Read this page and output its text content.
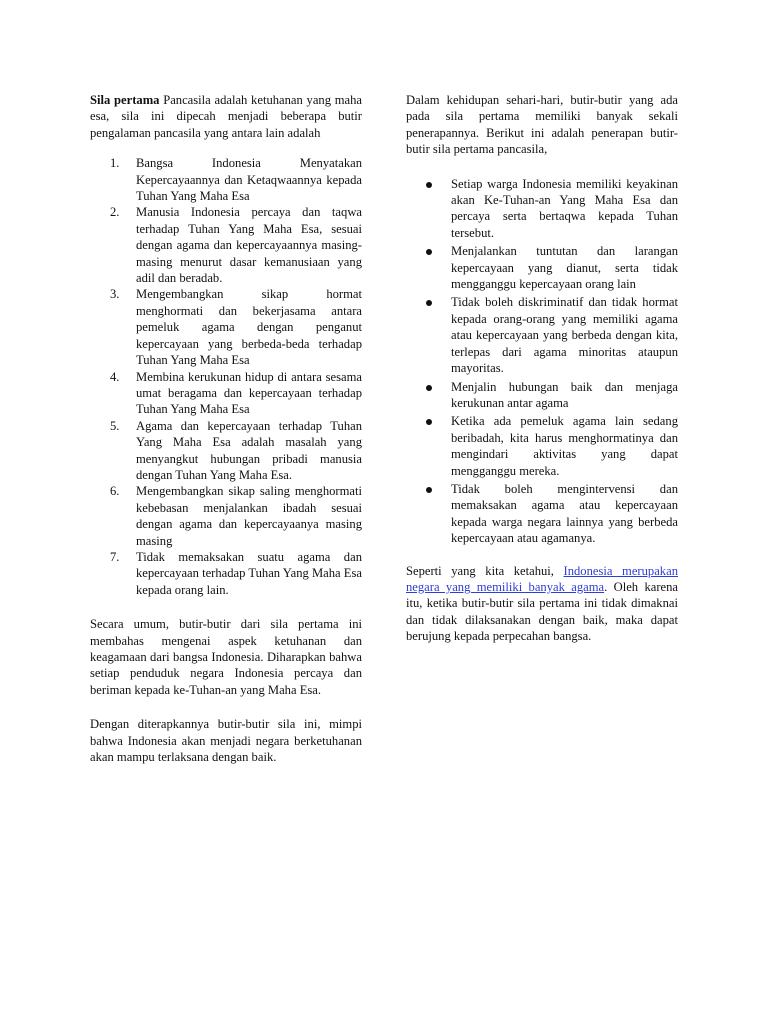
Sila pertama Pancasila adalah ketuhanan yang maha esa, sila ini dipecah menjadi beberapa butir pengalaman pancasila yang antara lain adalah

1. Bangsa Indonesia Menyatakan Kepercayaannya dan Ketaqwaannya kepada Tuhan Yang Maha Esa
2. Manusia Indonesia percaya dan taqwa terhadap Tuhan Yang Maha Esa, sesuai dengan agama dan kepercayaannya masing-masing menurut dasar kemanusiaan yang adil dan beradab.
3. Mengembangkan sikap hormat menghormati dan bekerjasama antara pemeluk agama dengan penganut kepercayaan yang berbeda-beda terhadap Tuhan Yang Maha Esa
4. Membina kerukunan hidup di antara sesama umat beragama dan kepercayaan terhadap Tuhan Yang Maha Esa
5. Agama dan kepercayaan terhadap Tuhan Yang Maha Esa adalah masalah yang menyangkut hubungan pribadi manusia dengan Tuhan Yang Maha Esa.
6. Mengembangkan sikap saling menghormati kebebasan menjalankan ibadah sesuai dengan agama dan kepercayaanya masing masing
7. Tidak memaksakan suatu agama dan kepercayaan terhadap Tuhan Yang Maha Esa kepada orang lain.

Secara umum, butir-butir dari sila pertama ini membahas mengenai aspek ketuhanan dan keagamaan dari bangsa Indonesia. Diharapkan bahwa setiap penduduk negara Indonesia percaya dan beriman kepada ke-Tuhan-an yang Maha Esa.

Dengan diterapkannya butir-butir sila ini, mimpi bahwa Indonesia akan menjadi negara berketuhanan akan mampu terlaksana dengan baik.

Dalam kehidupan sehari-hari, butir-butir yang ada pada sila pertama memiliki banyak sekali penerapannya. Berikut ini adalah penerapan butir-butir sila pertama pancasila,

Setiap warga Indonesia memiliki keyakinan akan Ke-Tuhan-an Yang Maha Esa dan percaya serta bertaqwa kepada Tuhan tersebut.
Menjalankan tuntutan dan larangan kepercayaan yang dianut, serta tidak mengganggu kepercayaan orang lain
Tidak boleh diskriminatif dan tidak hormat kepada orang-orang yang memiliki agama atau kepercayaan yang berbeda dengan kita, terlepas dari agama minoritas ataupun mayoritas.
Menjalin hubungan baik dan menjaga kerukunan antar agama
Ketika ada pemeluk agama lain sedang beribadah, kita harus menghormatinya dan mengindari aktivitas yang dapat mengganggu mereka.
Tidak boleh mengintervensi dan memaksakan agama atau kepercayaan kepada warga negara lainnya yang berbeda kepercayaan atau agamanya.

Seperti yang kita ketahui, Indonesia merupakan negara yang memiliki banyak agama. Oleh karena itu, ketika butir-butir sila pertama ini tidak dimaknai dan tidak dilaksanakan dengan baik, maka dapat berujung kepada perpecahan bangsa.
